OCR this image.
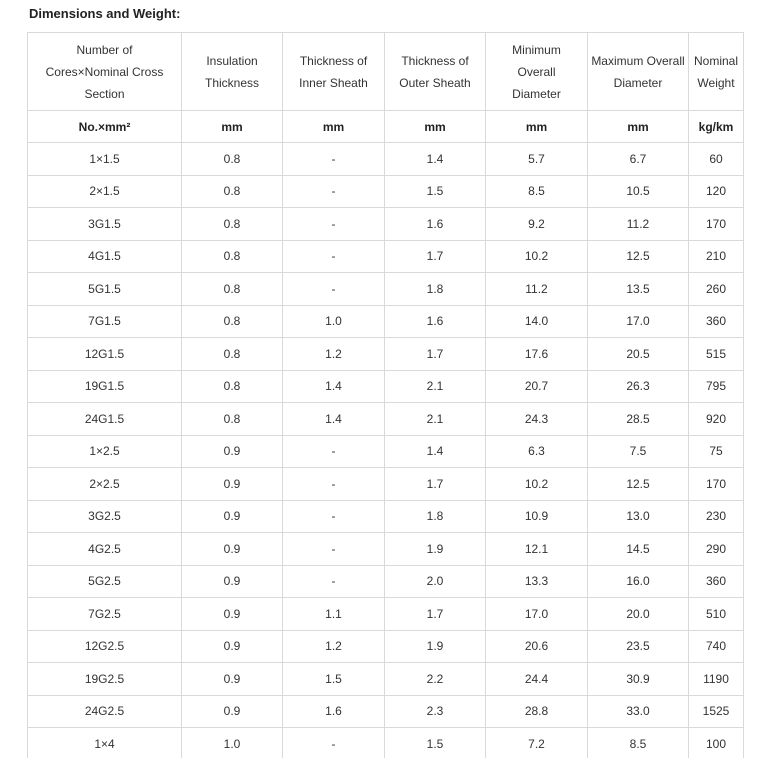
Dimensions and Weight:
Number of Cores×Nominal Cross Section	Insulation Thickness	Thickness of Inner Sheath	Thickness of Outer Sheath	Minimum Overall Diameter	Maximum Overall Diameter	Nominal Weight
No.×mm²	mm	mm	mm	mm	mm	kg/km
1×1.5	0.8	-	1.4	5.7	6.7	60
2×1.5	0.8	-	1.5	8.5	10.5	120
3G1.5	0.8	-	1.6	9.2	11.2	170
4G1.5	0.8	-	1.7	10.2	12.5	210
5G1.5	0.8	-	1.8	11.2	13.5	260
7G1.5	0.8	1.0	1.6	14.0	17.0	360
12G1.5	0.8	1.2	1.7	17.6	20.5	515
19G1.5	0.8	1.4	2.1	20.7	26.3	795
24G1.5	0.8	1.4	2.1	24.3	28.5	920
1×2.5	0.9	-	1.4	6.3	7.5	75
2×2.5	0.9	-	1.7	10.2	12.5	170
3G2.5	0.9	-	1.8	10.9	13.0	230
4G2.5	0.9	-	1.9	12.1	14.5	290
5G2.5	0.9	-	2.0	13.3	16.0	360
7G2.5	0.9	1.1	1.7	17.0	20.0	510
12G2.5	0.9	1.2	1.9	20.6	23.5	740
19G2.5	0.9	1.5	2.2	24.4	30.9	1190
24G2.5	0.9	1.6	2.3	28.8	33.0	1525
1×4	1.0	-	1.5	7.2	8.5	100
